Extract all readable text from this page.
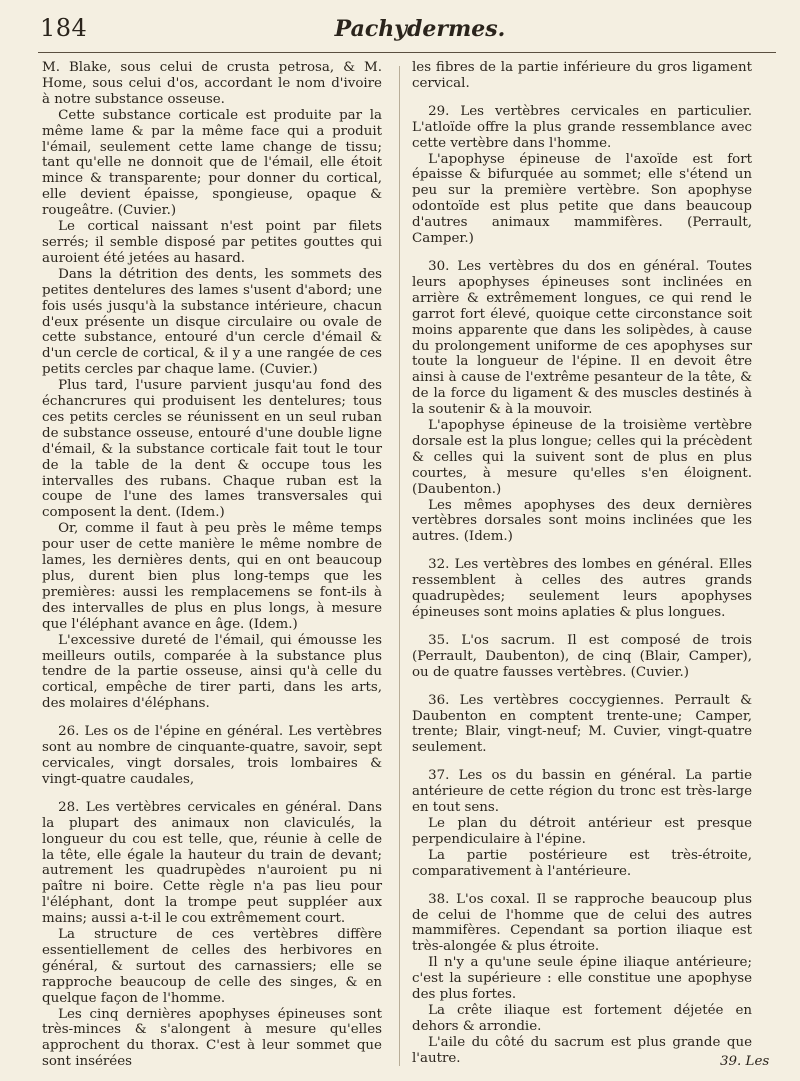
184	Pachydermes.

M. Blake, sous celui de crusta petrosa, & M. Home, sous celui d'os, accordant le nom d'ivoire à notre substance osseuse.

Cette substance corticale est produite par la même lame & par la même face qui a produit l'émail, seulement cette lame change de tissu; tant qu'elle ne donnoit que de l'émail, elle étoit mince & transparente; pour donner du cortical, elle devient épaisse, spongieuse, opaque & rougeâtre. (Cuvier.)

Le cortical naissant n'est point par filets serrés; il semble disposé par petites gouttes qui auroient été jetées au hasard.

Dans la détrition des dents, les sommets des petites dentelures des lames s'usent d'abord; une fois usés jusqu'à la substance intérieure, chacun d'eux présente un disque circulaire ou ovale de cette substance, entouré d'un cercle d'émail & d'un cercle de cortical, & il y a une rangée de ces petits cercles par chaque lame. (Cuvier.)

Plus tard, l'usure parvient jusqu'au fond des échancrures qui produisent les dentelures; tous ces petits cercles se réunissent en un seul ruban de substance osseuse, entouré d'une double ligne d'émail, & la substance corticale fait tout le tour de la table de la dent & occupe tous les intervalles des rubans. Chaque ruban est la coupe de l'une des lames transversales qui composent la dent. (Idem.)

Or, comme il faut à peu près le même temps pour user de cette manière le même nombre de lames, les dernières dents, qui en ont beaucoup plus, durent bien plus long-temps que les premières: aussi les remplacemens se font-ils à des intervalles de plus en plus longs, à mesure que l'éléphant avance en âge. (Idem.)

L'excessive dureté de l'émail, qui émousse les meilleurs outils, comparée à la substance plus tendre de la partie osseuse, ainsi qu'à celle du cortical, empêche de tirer parti, dans les arts, des molaires d'éléphans.

26. Les os de l'épine en général. Les vertèbres sont au nombre de cinquante-quatre, savoir, sept cervicales, vingt dorsales, trois lombaires & vingt-quatre caudales,

28. Les vertèbres cervicales en général. Dans la plupart des animaux non claviculés, la longueur du cou est telle, que, réunie à celle de la tête, elle égale la hauteur du train de devant; autrement les quadrupèdes n'auroient pu ni paître ni boire. Cette règle n'a pas lieu pour l'éléphant, dont la trompe peut suppléer aux mains; aussi a-t-il le cou extrêmement court.

La structure de ces vertèbres diffère essentiellement de celles des herbivores en général, & surtout des carnassiers; elle se rapproche beaucoup de celle des singes, & en quelque façon de l'homme.

Les cinq dernières apophyses épineuses sont très-minces & s'alongent à mesure qu'elles approchent du thorax. C'est à leur sommet que sont insérées

les fibres de la partie inférieure du gros ligament cervical.

29. Les vertèbres cervicales en particulier. L'atloïde offre la plus grande ressemblance avec cette vertèbre dans l'homme.

L'apophyse épineuse de l'axoïde est fort épaisse & bifurquée au sommet; elle s'étend un peu sur la première vertèbre. Son apophyse odontoïde est plus petite que dans beaucoup d'autres animaux mammifères. (Perrault, Camper.)

30. Les vertèbres du dos en général. Toutes leurs apophyses épineuses sont inclinées en arrière & extrêmement longues, ce qui rend le garrot fort élevé, quoique cette circonstance soit moins apparente que dans les solipèdes, à cause du prolongement uniforme de ces apophyses sur toute la longueur de l'épine. Il en devoit être ainsi à cause de l'extrême pesanteur de la tête, & de la force du ligament & des muscles destinés à la soutenir & à la mouvoir.

L'apophyse épineuse de la troisième vertèbre dorsale est la plus longue; celles qui la précèdent & celles qui la suivent sont de plus en plus courtes, à mesure qu'elles s'en éloignent. (Daubenton.)

Les mêmes apophyses des deux dernières vertèbres dorsales sont moins inclinées que les autres. (Idem.)

32. Les vertèbres des lombes en général. Elles ressemblent à celles des autres grands quadrupèdes; seulement leurs apophyses épineuses sont moins aplaties & plus longues.

35. L'os sacrum. Il est composé de trois (Perrault, Daubenton), de cinq (Blair, Camper), ou de quatre fausses vertèbres. (Cuvier.)

36. Les vertèbres coccygiennes. Perrault & Daubenton en comptent trente-une; Camper, trente; Blair, vingt-neuf; M. Cuvier, vingt-quatre seulement.

37. Les os du bassin en général. La partie antérieure de cette région du tronc est très-large en tout sens.

Le plan du détroit antérieur est presque perpendiculaire à l'épine.

La partie postérieure est très-étroite, comparativement à l'antérieure.

38. L'os coxal. Il se rapproche beaucoup plus de celui de l'homme que de celui des autres mammifères. Cependant sa portion iliaque est très-alongée & plus étroite.

Il n'y a qu'une seule épine iliaque antérieure; c'est la supérieure : elle constitue une apophyse des plus fortes.

La crête iliaque est fortement déjetée en dehors & arrondie.

L'aile du côté du sacrum est plus grande que l'autre.	39. Les
